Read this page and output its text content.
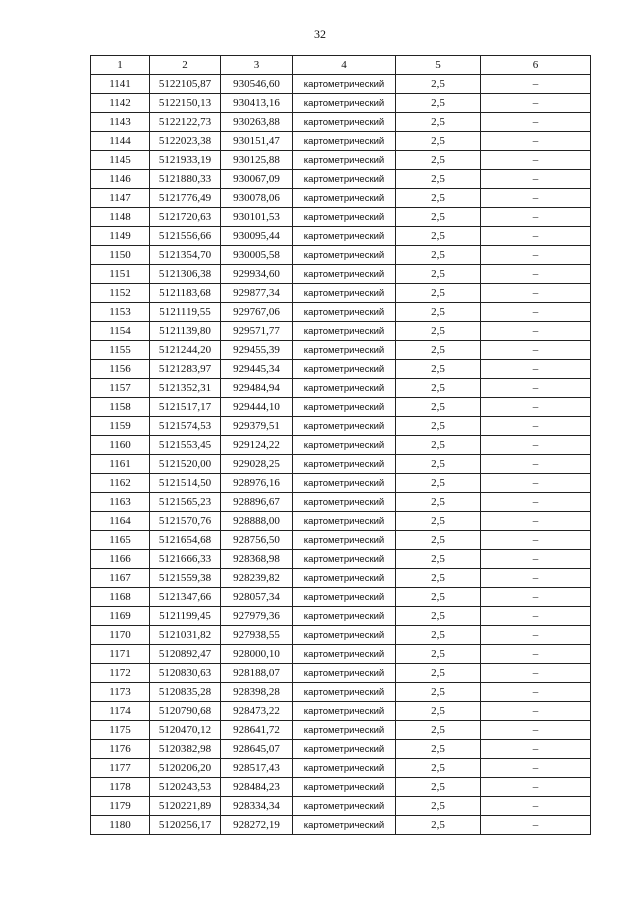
32
1	2	3	4	5	6
1141	5122105,87	930546,60	картометрический	2,5	–
1142	5122150,13	930413,16	картометрический	2,5	–
1143	5122122,73	930263,88	картометрический	2,5	–
1144	5122023,38	930151,47	картометрический	2,5	–
1145	5121933,19	930125,88	картометрический	2,5	–
1146	5121880,33	930067,09	картометрический	2,5	–
1147	5121776,49	930078,06	картометрический	2,5	–
1148	5121720,63	930101,53	картометрический	2,5	–
1149	5121556,66	930095,44	картометрический	2,5	–
1150	5121354,70	930005,58	картометрический	2,5	–
1151	5121306,38	929934,60	картометрический	2,5	–
1152	5121183,68	929877,34	картометрический	2,5	–
1153	5121119,55	929767,06	картометрический	2,5	–
1154	5121139,80	929571,77	картометрический	2,5	–
1155	5121244,20	929455,39	картометрический	2,5	–
1156	5121283,97	929445,34	картометрический	2,5	–
1157	5121352,31	929484,94	картометрический	2,5	–
1158	5121517,17	929444,10	картометрический	2,5	–
1159	5121574,53	929379,51	картометрический	2,5	–
1160	5121553,45	929124,22	картометрический	2,5	–
1161	5121520,00	929028,25	картометрический	2,5	–
1162	5121514,50	928976,16	картометрический	2,5	–
1163	5121565,23	928896,67	картометрический	2,5	–
1164	5121570,76	928888,00	картометрический	2,5	–
1165	5121654,68	928756,50	картометрический	2,5	–
1166	5121666,33	928368,98	картометрический	2,5	–
1167	5121559,38	928239,82	картометрический	2,5	–
1168	5121347,66	928057,34	картометрический	2,5	–
1169	5121199,45	927979,36	картометрический	2,5	–
1170	5121031,82	927938,55	картометрический	2,5	–
1171	5120892,47	928000,10	картометрический	2,5	–
1172	5120830,63	928188,07	картометрический	2,5	–
1173	5120835,28	928398,28	картометрический	2,5	–
1174	5120790,68	928473,22	картометрический	2,5	–
1175	5120470,12	928641,72	картометрический	2,5	–
1176	5120382,98	928645,07	картометрический	2,5	–
1177	5120206,20	928517,43	картометрический	2,5	–
1178	5120243,53	928484,23	картометрический	2,5	–
1179	5120221,89	928334,34	картометрический	2,5	–
1180	5120256,17	928272,19	картометрический	2,5	–
